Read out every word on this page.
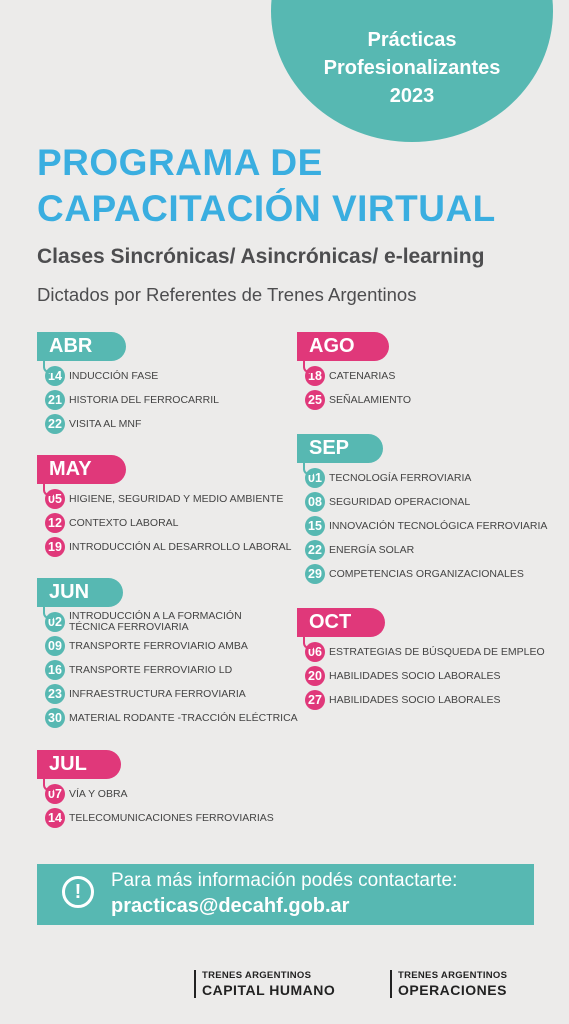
Prácticas
Profesionalizantes
2023
PROGRAMA DE
CAPACITACIÓN VIRTUAL
Clases Sincrónicas/ Asincrónicas/ e-learning
Dictados por Referentes de Trenes Argentinos
ABR
14 INDUCCIÓN FASE
21 HISTORIA DEL FERROCARRIL
22 VISITA AL MNF
MAY
05 HIGIENE, SEGURIDAD Y MEDIO AMBIENTE
12 CONTEXTO LABORAL
19 INTRODUCCIÓN AL DESARROLLO LABORAL
JUN
02 INTRODUCCIÓN A LA FORMACIÓN TÉCNICA FERROVIARIA
09 TRANSPORTE FERROVIARIO AMBA
16 TRANSPORTE FERROVIARIO LD
23 INFRAESTRUCTURA FERROVIARIA
30 MATERIAL RODANTE -TRACCIÓN ELÉCTRICA
JUL
07 VÍA Y OBRA
14 TELECOMUNICACIONES FERROVIARIAS
AGO
18 CATENARIAS
25 SEÑALAMIENTO
SEP
01 TECNOLOGÍA FERROVIARIA
08 SEGURIDAD OPERACIONAL
15 INNOVACIÓN TECNOLÓGICA FERROVIARIA
22 ENERGÍA SOLAR
29 COMPETENCIAS ORGANIZACIONALES
OCT
06 ESTRATEGIAS DE BÚSQUEDA DE EMPLEO
20 HABILIDADES SOCIO LABORALES
27 HABILIDADES SOCIO LABORALES
!	Para más información podés contactarte:
practicas@decahf.gob.ar
TRENES ARGENTINOS
CAPITAL HUMANO
TRENES ARGENTINOS
OPERACIONES
